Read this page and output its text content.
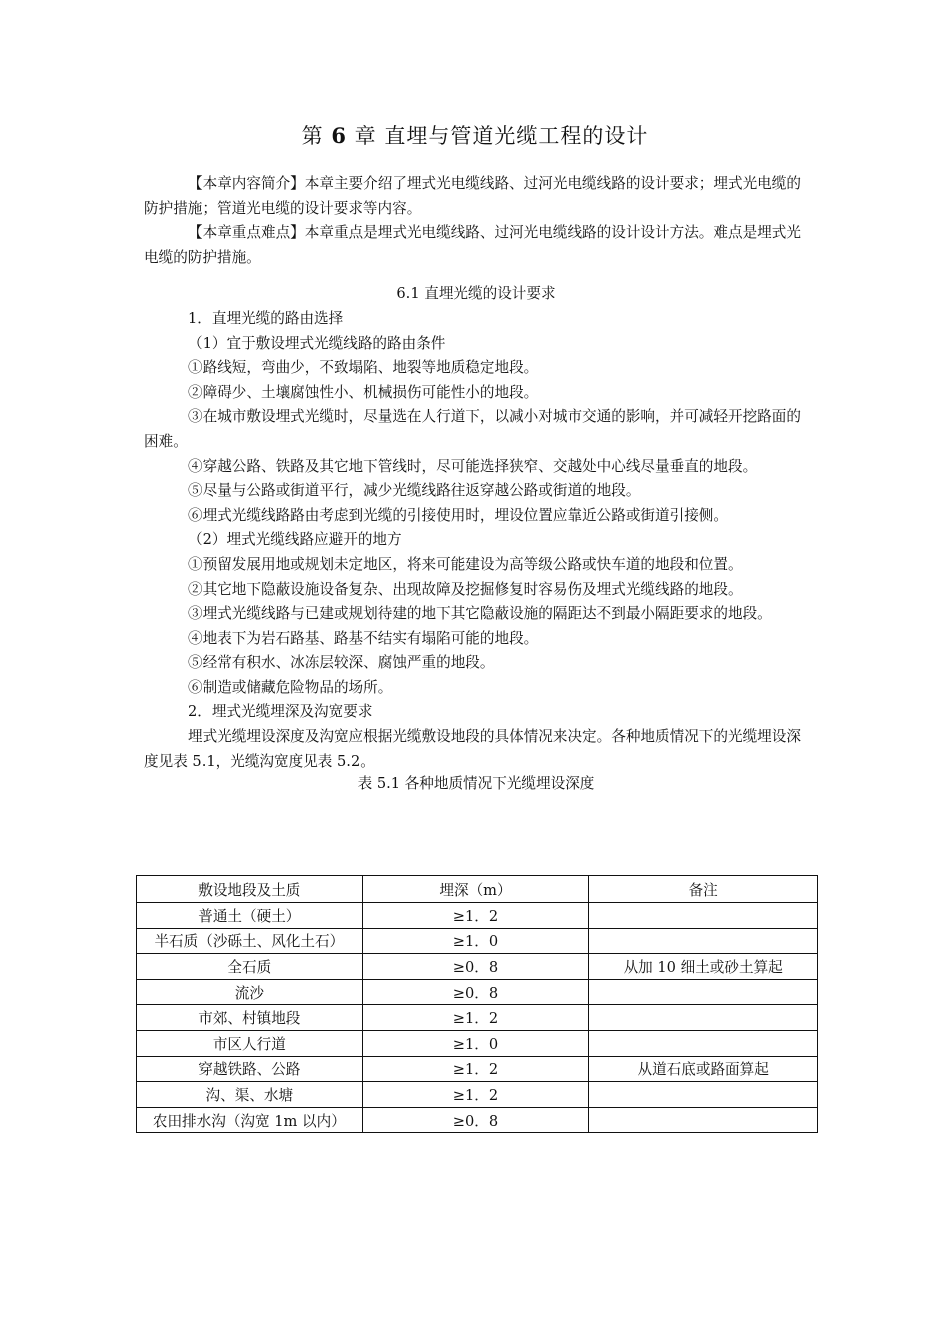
第 6 章 直埋与管道光缆工程的设计

【本章内容简介】本章主要介绍了埋式光电缆线路、过河光电缆线路的设计要求；埋式光电缆的防护措施；管道光电缆的设计要求等内容。

【本章重点难点】本章重点是埋式光电缆线路、过河光电缆线路的设计设计方法。难点是埋式光电缆的防护措施。

6.1 直埋光缆的设计要求

1．直埋光缆的路由选择

（1）宜于敷设埋式光缆线路的路由条件

①路线短，弯曲少，不致塌陷、地裂等地质稳定地段。

②障碍少、土壤腐蚀性小、机械损伤可能性小的地段。

③在城市敷设埋式光缆时，尽量选在人行道下，以减小对城市交通的影响，并可减轻开挖路面的困难。

④穿越公路、铁路及其它地下管线时，尽可能选择狭窄、交越处中心线尽量垂直的地段。

⑤尽量与公路或街道平行，减少光缆线路往返穿越公路或街道的地段。

⑥埋式光缆线路路由考虑到光缆的引接使用时，埋设位置应靠近公路或街道引接侧。

（2）埋式光缆线路应避开的地方

①预留发展用地或规划未定地区，将来可能建设为高等级公路或快车道的地段和位置。

②其它地下隐蔽设施设备复杂、出现故障及挖掘修复时容易伤及埋式光缆线路的地段。

③埋式光缆线路与已建或规划待建的地下其它隐蔽设施的隔距达不到最小隔距要求的地段。

④地表下为岩石路基、路基不结实有塌陷可能的地段。

⑤经常有积水、冰冻层较深、腐蚀严重的地段。

⑥制造或储藏危险物品的场所。

2．埋式光缆埋深及沟宽要求

埋式光缆埋设深度及沟宽应根据光缆敷设地段的具体情况来决定。各种地质情况下的光缆埋设深度见表 5.1，光缆沟宽度见表 5.2。

表 5.1 各种地质情况下光缆埋设深度

敷设地段及土质	埋深（m）	备注
普通土（硬土）	≥1．2	
半石质（沙砾土、风化土石）	≥1．0	
全石质	≥0．8	从加 10 细土或砂土算起
流沙	≥0．8	
市郊、村镇地段	≥1．2	
市区人行道	≥1．0	
穿越铁路、公路	≥1．2	从道石底或路面算起
沟、渠、水塘	≥1．2	
农田排水沟（沟宽 1m 以内）	≥0．8	
